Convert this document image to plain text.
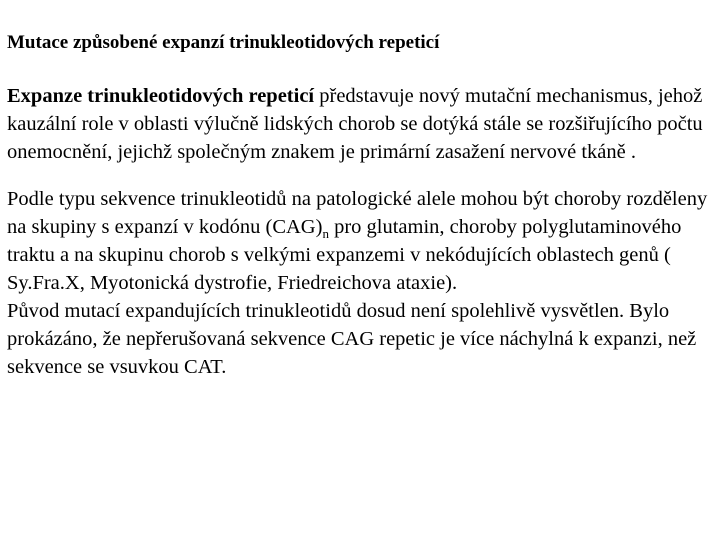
Mutace způsobené expanzí trinukleotidových repeticí

Expanze trinukleotidových repeticí představuje nový mutační mechanismus, jehož kauzální role v oblasti výlučně lidských chorob se dotýká stále se rozšiřujícího počtu onemocnění, jejichž společným znakem je primární zasažení nervové tkáně .

Podle typu sekvence trinukleotidů na patologické alele mohou být choroby rozděleny na skupiny s expanzí v kodónu $(CAG)_n$ pro glutamin, choroby polyglutaminového traktu a na skupinu chorob s velkými expanzemi v nekódujících oblastech genů ( Sy.Fra.X, Myotonická dystrofie, Friedreichova ataxie).

Původ mutací expandujících trinukleotidů dosud není spolehlivě vysvětlen. Bylo prokázáno, že nepřerušovaná sekvence CAG repetic je více náchylná k expanzi, než sekvence se vsuvkou CAT.
